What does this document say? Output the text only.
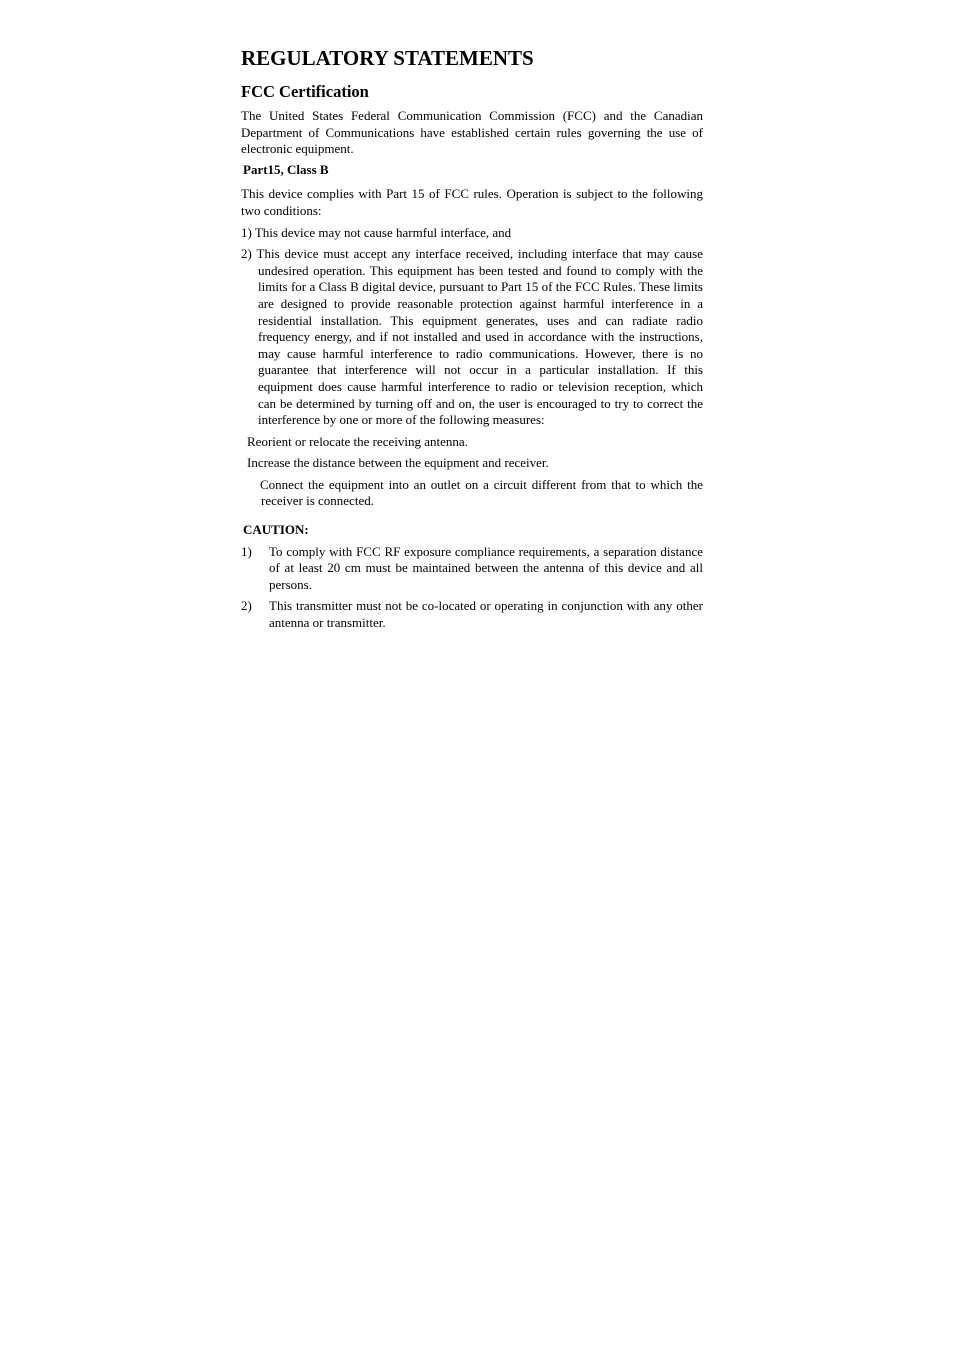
REGULATORY STATEMENTS
FCC Certification

The United States Federal Communication Commission (FCC) and the Canadian Department of Communications have established certain rules governing the use of electronic equipment.

Part15, Class B

This device complies with Part 15 of FCC rules. Operation is subject to the following two conditions:

1) This device may not cause harmful interface, and

2) This device must accept any interface received, including interface that may cause undesired operation. This equipment has been tested and found to comply with the limits for a Class B digital device, pursuant to Part 15 of the FCC Rules. These limits are designed to provide reasonable protection against harmful interference in a residential installation. This equipment generates, uses and can radiate radio frequency energy, and if not installed and used in accordance with the instructions, may cause harmful interference to radio communications. However, there is no guarantee that interference will not occur in a particular installation. If this equipment does cause harmful interference to radio or television reception, which can be determined by turning off and on, the user is encouraged to try to correct the interference by one or more of the following measures:

Reorient or relocate the receiving antenna.

Increase the distance between the equipment and receiver.

Connect the equipment into an outlet on a circuit different from that to which the receiver is connected.

CAUTION:
1)	To comply with FCC RF exposure compliance requirements, a separation distance of at least 20 cm must be maintained between the antenna of this device and all persons.
2)	This transmitter must not be co-located or operating in conjunction with any other antenna or transmitter.
